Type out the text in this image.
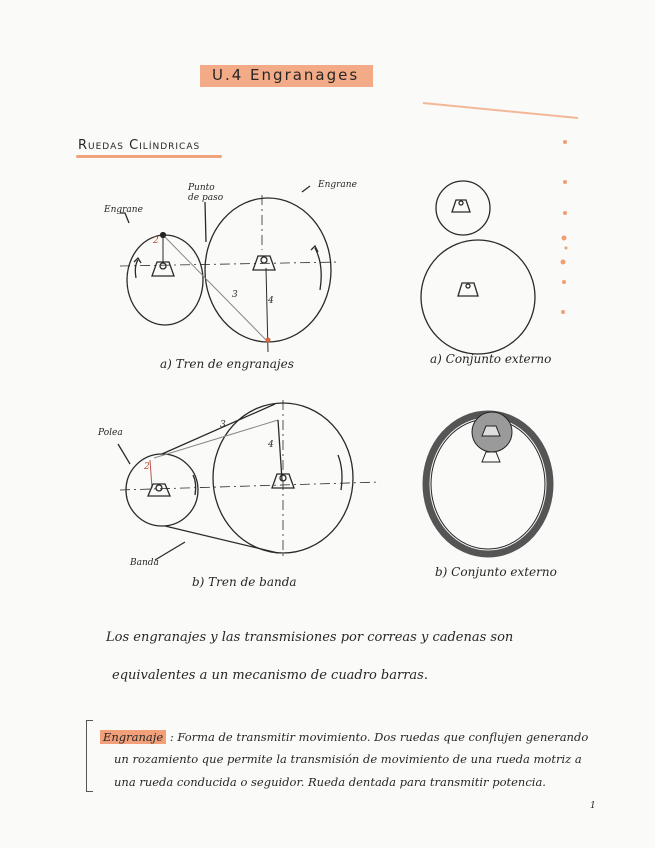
U.4 Engranages
Ruedas Cilíndricas
Engrane
Punto de paso
Engrane
2
3
4
a) Tren de engranajes	a) Conjunto externo
Polea
Banda
2
3
4
b) Tren de banda
b) Conjunto externo
Los engranajes y las transmisiones por correas y cadenas son
equivalentes a un mecanismo de cuadro barras.
Engranaje : Forma de transmitir movimiento. Dos ruedas que conflujen generando
un rozamiento que permite la transmisión de movimiento de una rueda motriz a
una rueda conducida o seguidor. Rueda dentada para transmitir potencia.
1
